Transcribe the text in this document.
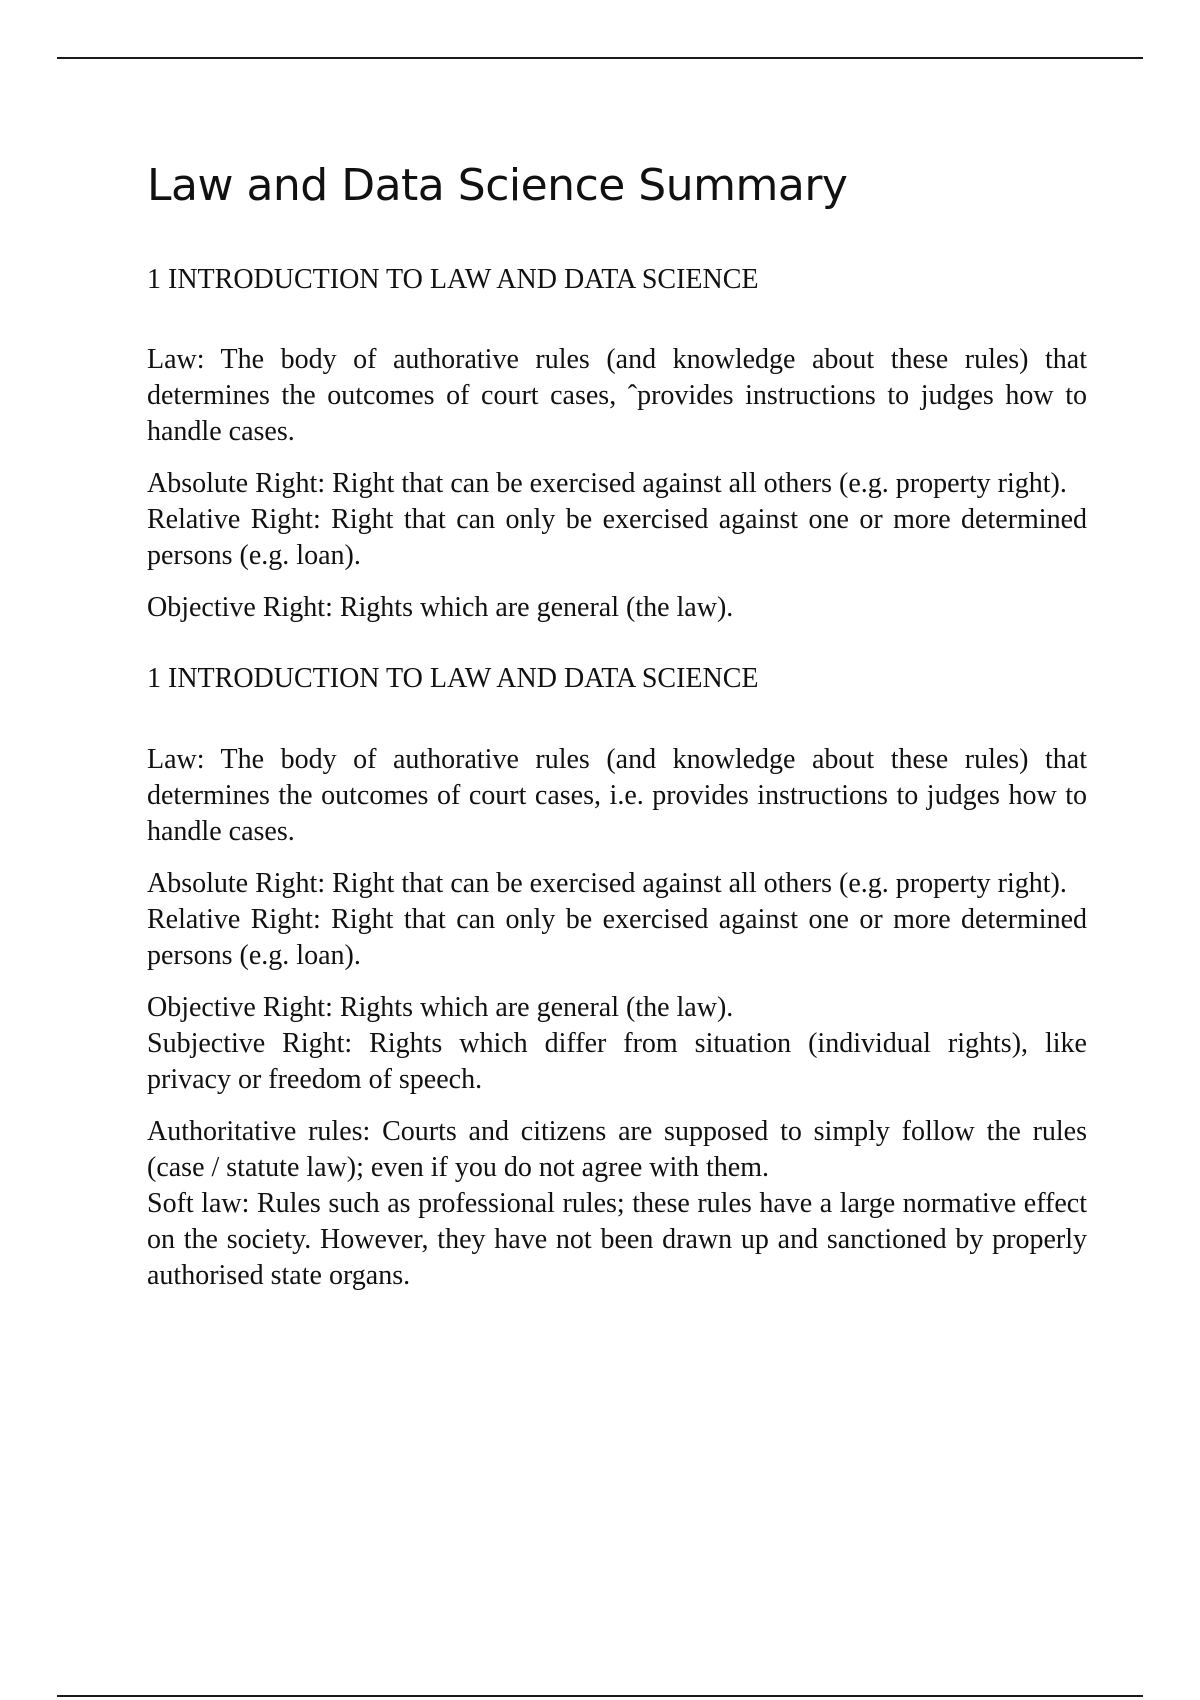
Law and Data Science Summary
1 INTRODUCTION TO LAW AND DATA SCIENCE

Law: The body of authorative rules (and knowledge about these rules) that determines the outcomes of court cases, ˆprovides instructions to judges how to handle cases.

Absolute Right: Right that can be exercised against all others (e.g. property right).
Relative Right: Right that can only be exercised against one or more determined persons (e.g. loan).

Objective Right: Rights which are general (the law).

1 INTRODUCTION TO LAW AND DATA SCIENCE

Law: The body of authorative rules (and knowledge about these rules) that determines the outcomes of court cases, i.e. provides instructions to judges how to handle cases.

Absolute Right: Right that can be exercised against all others (e.g. property right).
Relative Right: Right that can only be exercised against one or more determined persons (e.g. loan).

Objective Right: Rights which are general (the law).
Subjective Right: Rights which differ from situation (individual rights), like privacy or freedom of speech.

Authoritative rules: Courts and citizens are supposed to simply follow the rules (case / statute law); even if you do not agree with them.
Soft law: Rules such as professional rules; these rules have a large normative effect on the society. However, they have not been drawn up and sanctioned by properly authorised state organs.
